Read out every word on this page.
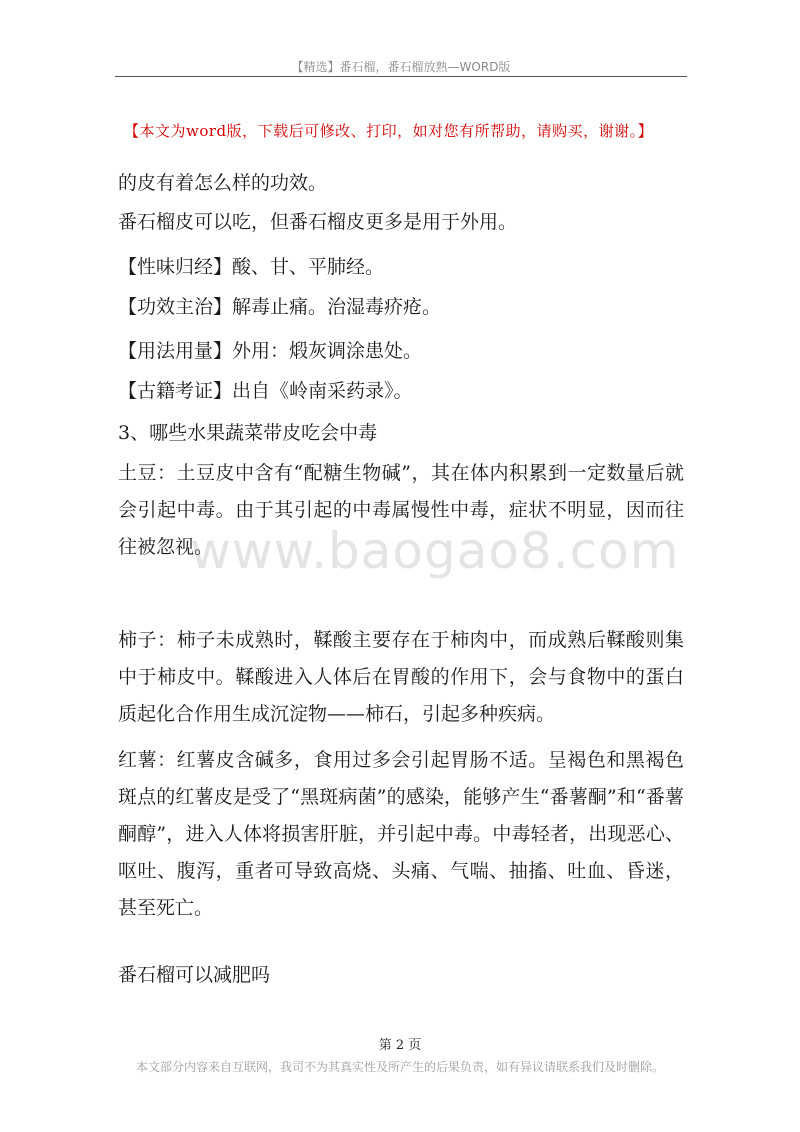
【精选】番石榴，番石榴放熟—WORD版
【本文为word版，下载后可修改、打印，如对您有所帮助，请购买，谢谢。】
www.baogao8.com
的皮有着怎么样的功效。
番石榴皮可以吃，但番石榴皮更多是用于外用。
【性味归经】酸、甘、平肺经。
【功效主治】解毒止痛。治湿毒疥疮。
【用法用量】外用：煅灰调涂患处。
【古籍考证】出自《岭南采药录》。
3、哪些水果蔬菜带皮吃会中毒
土豆：土豆皮中含有“配糖生物碱”，其在体内积累到一定数量后就会引起中毒。由于其引起的中毒属慢性中毒，症状不明显，因而往往被忽视。
柿子：柿子未成熟时，鞣酸主要存在于柿肉中，而成熟后鞣酸则集中于柿皮中。鞣酸进入人体后在胃酸的作用下，会与食物中的蛋白质起化合作用生成沉淀物——柿石，引起多种疾病。
红薯：红薯皮含碱多，食用过多会引起胃肠不适。呈褐色和黑褐色斑点的红薯皮是受了“黑斑病菌”的感染，能够产生“番薯酮”和“番薯酮醇”，进入人体将损害肝脏，并引起中毒。中毒轻者，出现恶心、呕吐、腹泻，重者可导致高烧、头痛、气喘、抽搐、吐血、昏迷，甚至死亡。
番石榴可以减肥吗
第 2 页
本文部分内容来自互联网，我司不为其真实性及所产生的后果负责，如有异议请联系我们及时删除。
